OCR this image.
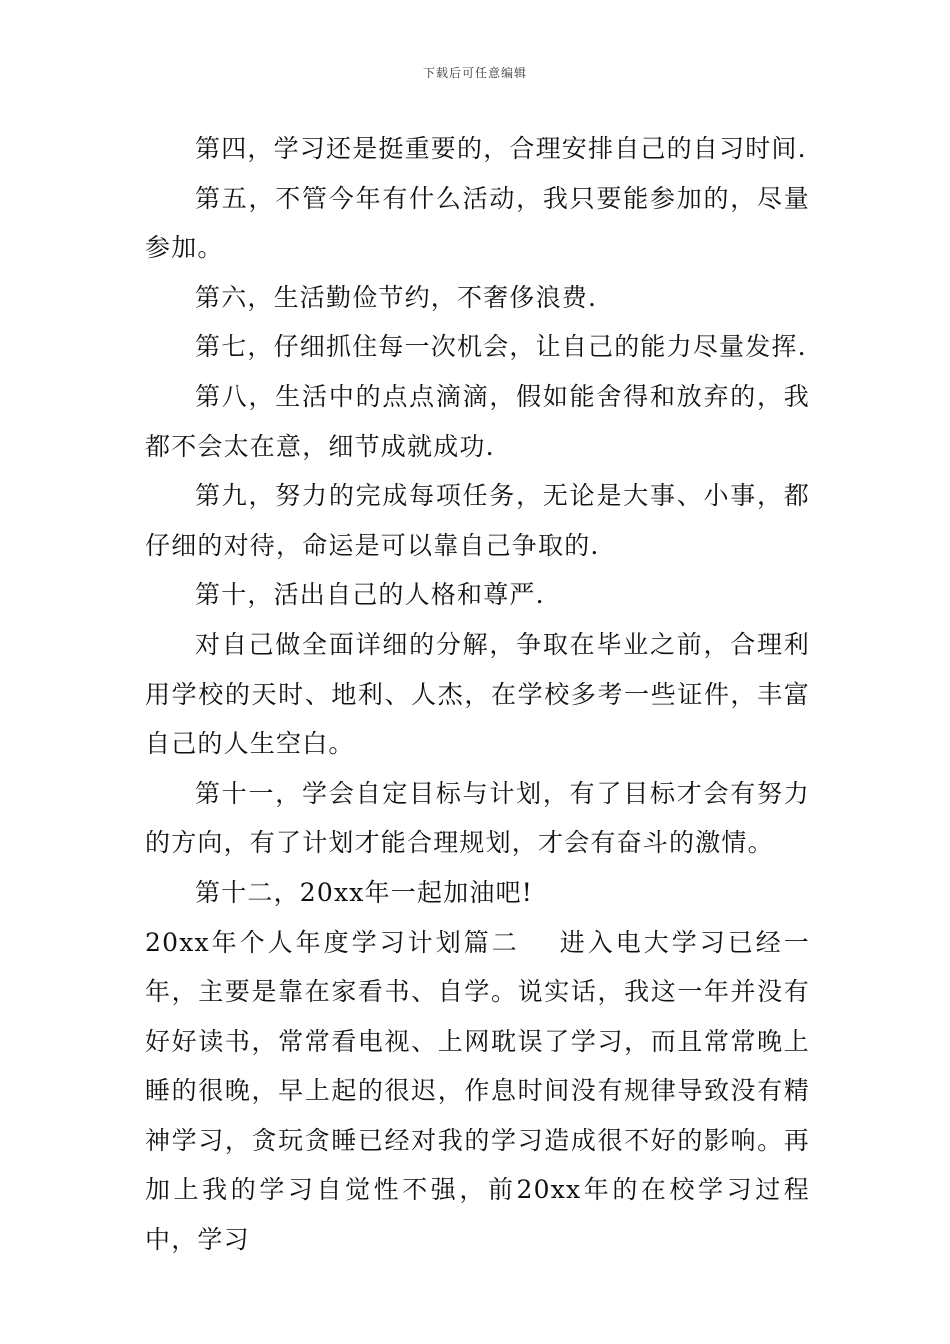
下载后可任意编辑

第四，学习还是挺重要的，合理安排自己的自习时间.

第五，不管今年有什么活动，我只要能参加的，尽量参加。

第六，生活勤俭节约，不奢侈浪费.

第七，仔细抓住每一次机会，让自己的能力尽量发挥.

第八，生活中的点点滴滴，假如能舍得和放弃的，我都不会太在意，细节成就成功.

第九，努力的完成每项任务，无论是大事、小事，都仔细的对待，命运是可以靠自己争取的.

第十，活出自己的人格和尊严.

对自己做全面详细的分解，争取在毕业之前，合理利用学校的天时、地利、人杰，在学校多考一些证件，丰富自己的人生空白。

第十一，学会自定目标与计划，有了目标才会有努力的方向，有了计划才能合理规划，才会有奋斗的激情。

第十二，20xx年一起加油吧!

20xx年个人年度学习计划篇二 进入电大学习已经一年，主要是靠在家看书、自学。说实话，我这一年并没有好好读书，常常看电视、上网耽误了学习，而且常常晚上睡的很晚，早上起的很迟，作息时间没有规律导致没有精神学习，贪玩贪睡已经对我的学习造成很不好的影响。再加上我的学习自觉性不强，前20xx年的在校学习过程中，学习
